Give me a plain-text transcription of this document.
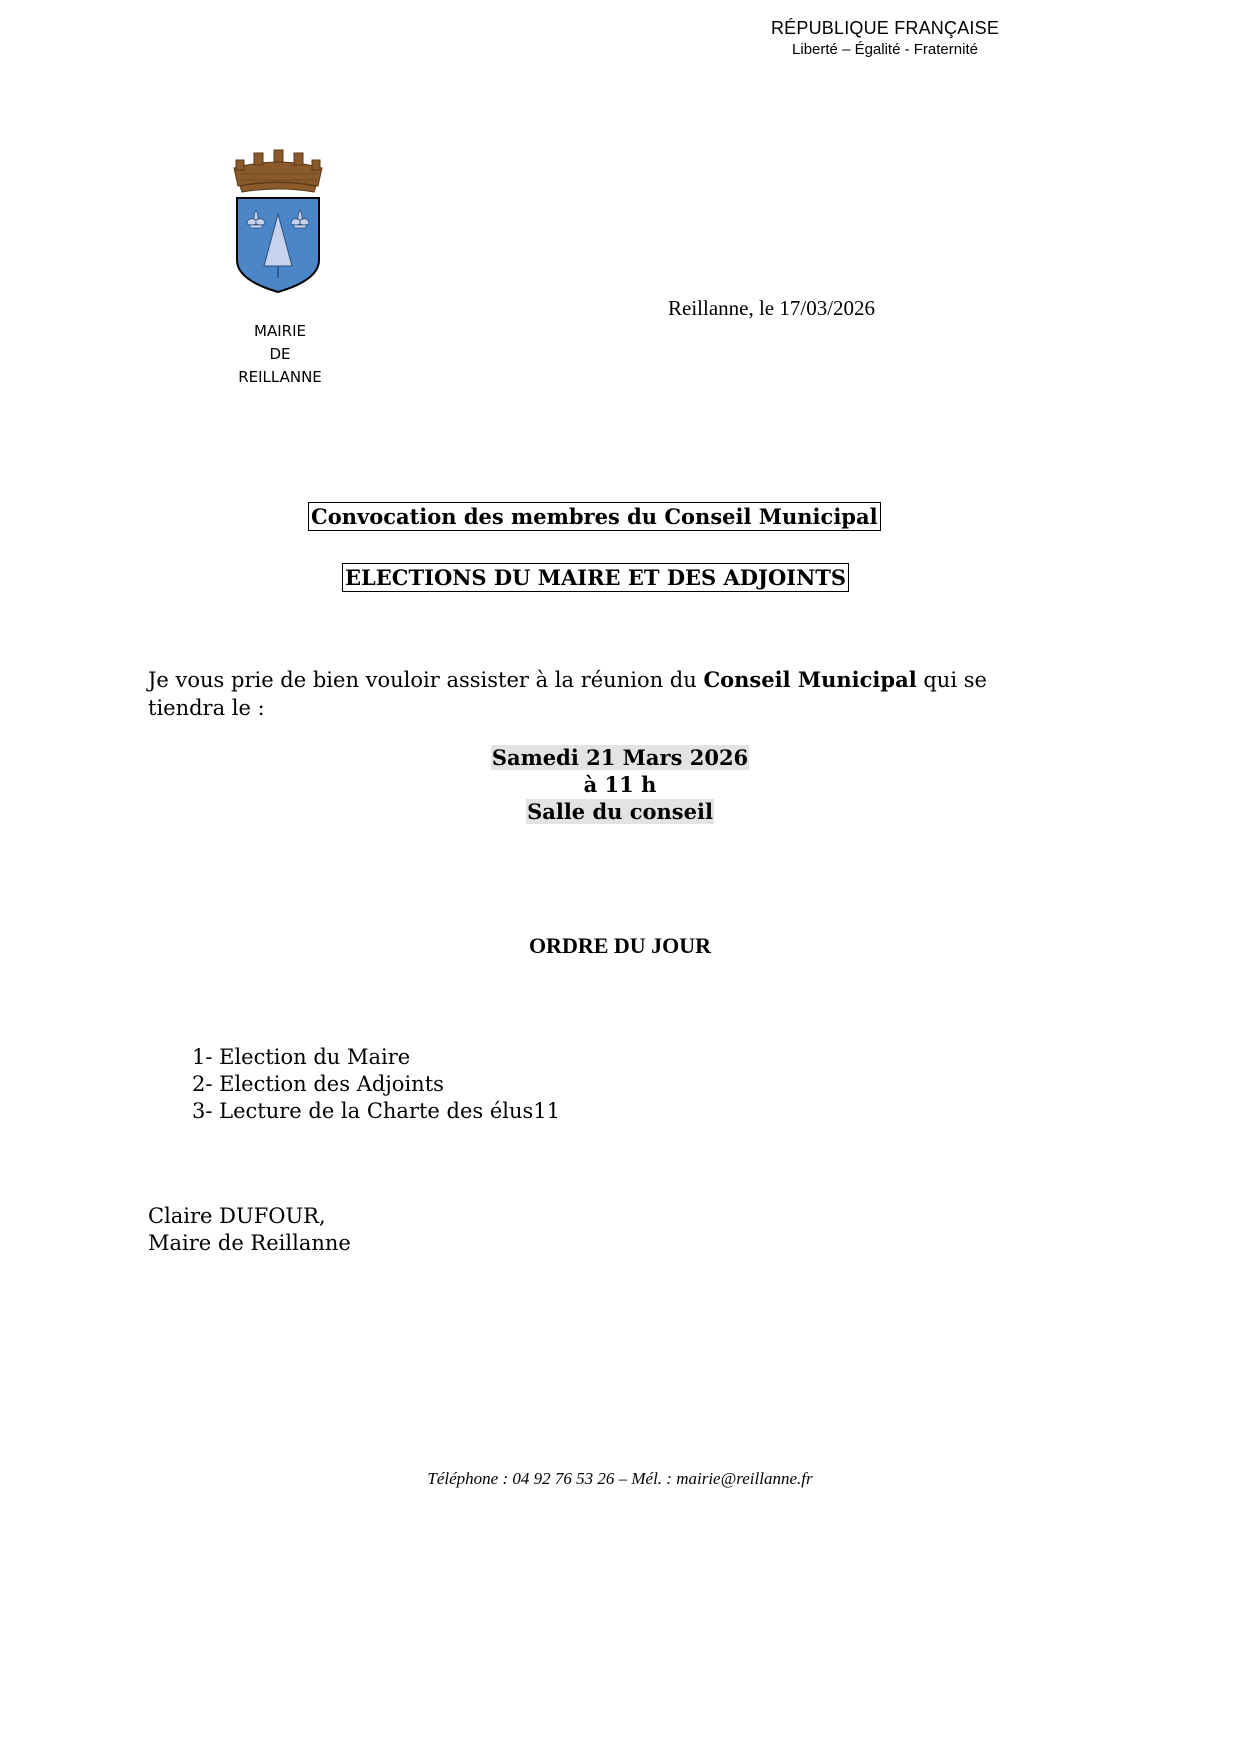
RÉPUBLIQUE FRANÇAISE
Liberté – Égalité - Fraternité
MAIRIE
DE
REILLANNE
Reillanne, le 17/03/2026
Convocation des membres du Conseil Municipal
ELECTIONS DU MAIRE ET DES ADJOINTS
Je vous prie de bien vouloir assister à la réunion du Conseil Municipal qui se tiendra le :
Samedi 21 Mars 2026
à 11 h
Salle du conseil
ORDRE DU JOUR
1- Election du Maire
2- Election des Adjoints
3- Lecture de la Charte des élus11
Claire DUFOUR,
Maire de Reillanne
Téléphone : 04 92 76 53 26 – Mél. : mairie@reillanne.fr
